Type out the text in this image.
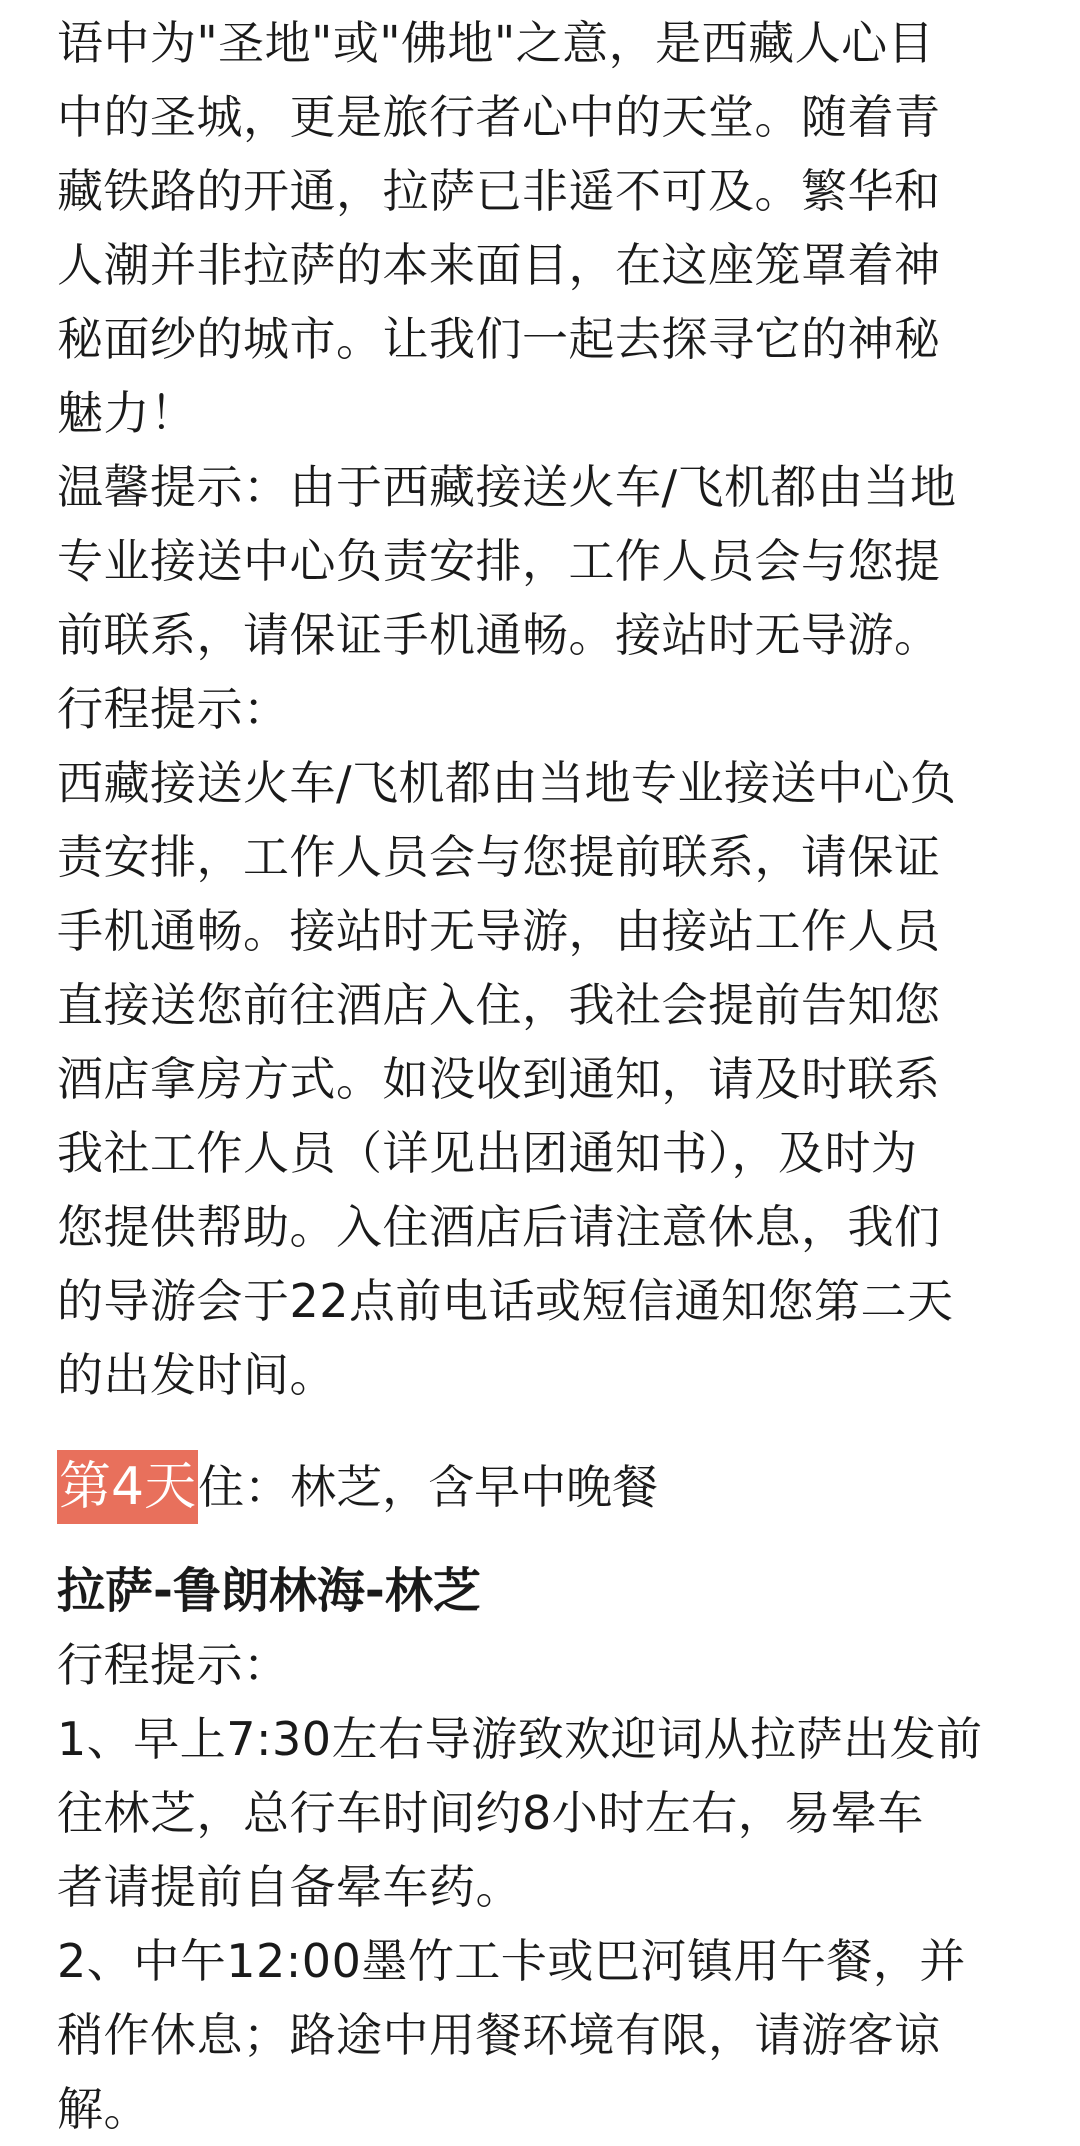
语中为"圣地"或"佛地"之意，是西藏人心目
中的圣城，更是旅行者心中的天堂。随着青
藏铁路的开通，拉萨已非遥不可及。繁华和
人潮并非拉萨的本来面目，在这座笼罩着神
秘面纱的城市。让我们一起去探寻它的神秘
魅力！
温馨提示：由于西藏接送火车/飞机都由当地
专业接送中心负责安排，工作人员会与您提
前联系，请保证手机通畅。接站时无导游。
行程提示：
西藏接送火车/飞机都由当地专业接送中心负
责安排，工作人员会与您提前联系，请保证
手机通畅。接站时无导游，由接站工作人员
直接送您前往酒店入住，我社会提前告知您
酒店拿房方式。如没收到通知，请及时联系
我社工作人员（详见出团通知书），及时为
您提供帮助。入住酒店后请注意休息，我们
的导游会于22点前电话或短信通知您第二天
的出发时间。
第4天 住：林芝，含早中晚餐
拉萨-鲁朗林海-林芝
行程提示：
1、早上7:30左右导游致欢迎词从拉萨出发前
往林芝，总行车时间约8小时左右，易晕车
者请提前自备晕车药。
2、中午12:00墨竹工卡或巴河镇用午餐，并
稍作休息；路途中用餐环境有限，请游客谅
解。
